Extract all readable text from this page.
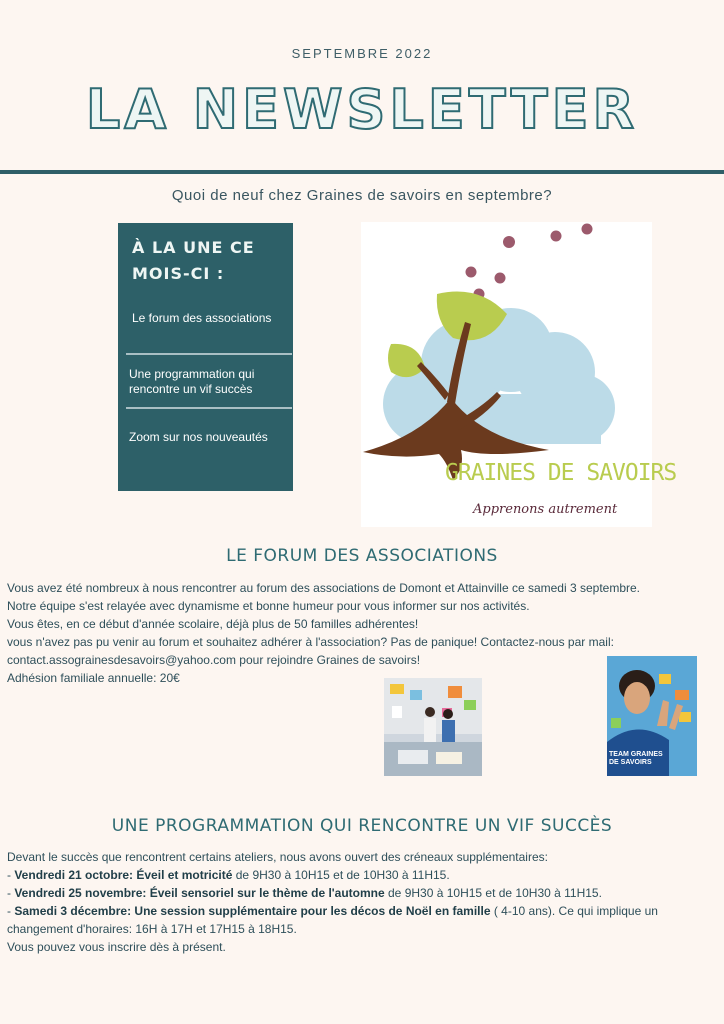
SEPTEMBRE 2022
LA NEWSLETTER
Quoi de neuf chez Graines de savoirs en septembre?
À LA UNE CE MOIS-CI :
Le forum des associations
Une programmation qui rencontre un vif succès
Zoom sur nos nouveautés
GRAINES DE SAVOIRS
Apprenons autrement
LE FORUM DES ASSOCIATIONS

Vous avez été nombreux à nous rencontrer au forum des associations de Domont et Attainville ce samedi 3 septembre.

Notre équipe s'est relayée avec dynamisme et bonne humeur pour vous informer sur nos activités.

Vous êtes, en ce début d'année scolaire, déjà plus de 50 familles adhérentes!

vous n'avez pas pu venir au forum et souhaitez adhérer à l'association? Pas de panique! Contactez-nous par mail:

contact.assograinesdesavoirs@yahoo.com pour rejoindre Graines de savoirs!

Adhésion familiale annuelle: 20€

TEAM GRAINES DE SAVOIRS
UNE PROGRAMMATION QUI RENCONTRE UN VIF SUCCÈS

Devant le succès que rencontrent certains ateliers, nous avons ouvert des créneaux supplémentaires:

- Vendredi 21 octobre: Éveil et motricité de 9H30 à 10H15 et de 10H30 à 11H15.

- Vendredi 25 novembre: Éveil sensoriel sur le thème de l'automne de 9H30 à 10H15 et de 10H30 à 11H15.

- Samedi 3 décembre: Une session supplémentaire pour les décos de Noël en famille ( 4-10 ans). Ce qui implique un

changement d'horaires: 16H à 17H et 17H15 à 18H15.

Vous pouvez vous inscrire dès à présent.
